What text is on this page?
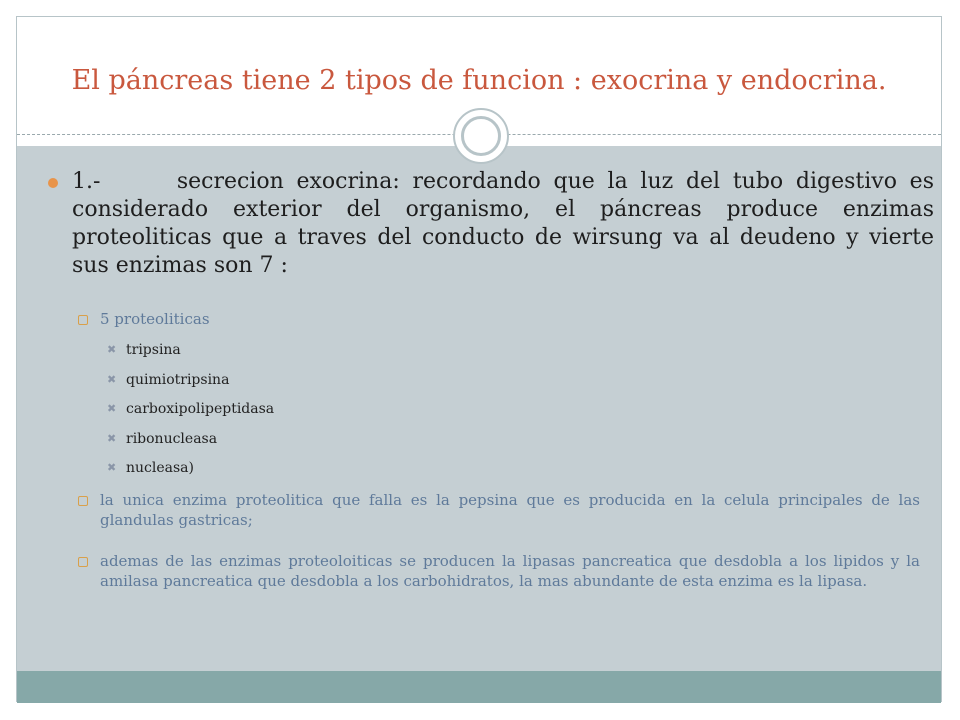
El páncreas tiene 2 tipos de funcion : exocrina y endocrina.
1.-      secrecion exocrina: recordando que la luz del tubo digestivo es considerado exterior del organismo, el páncreas produce enzimas proteoliticas que a traves del conducto de wirsung va al deudeno y vierte sus enzimas son 7 :
5 proteoliticas
✖ tripsina
✖ quimiotripsina
✖ carboxipolipeptidasa
✖ ribonucleasa
✖ nucleasa)
la unica enzima proteolitica que falla es la pepsina que es producida en la celula principales de las glandulas gastricas;
ademas de las enzimas proteoloiticas se producen la lipasas pancreatica que desdobla a los lipidos y la amilasa pancreatica que desdobla a los carbohidratos, la mas abundante de esta enzima es la lipasa.
